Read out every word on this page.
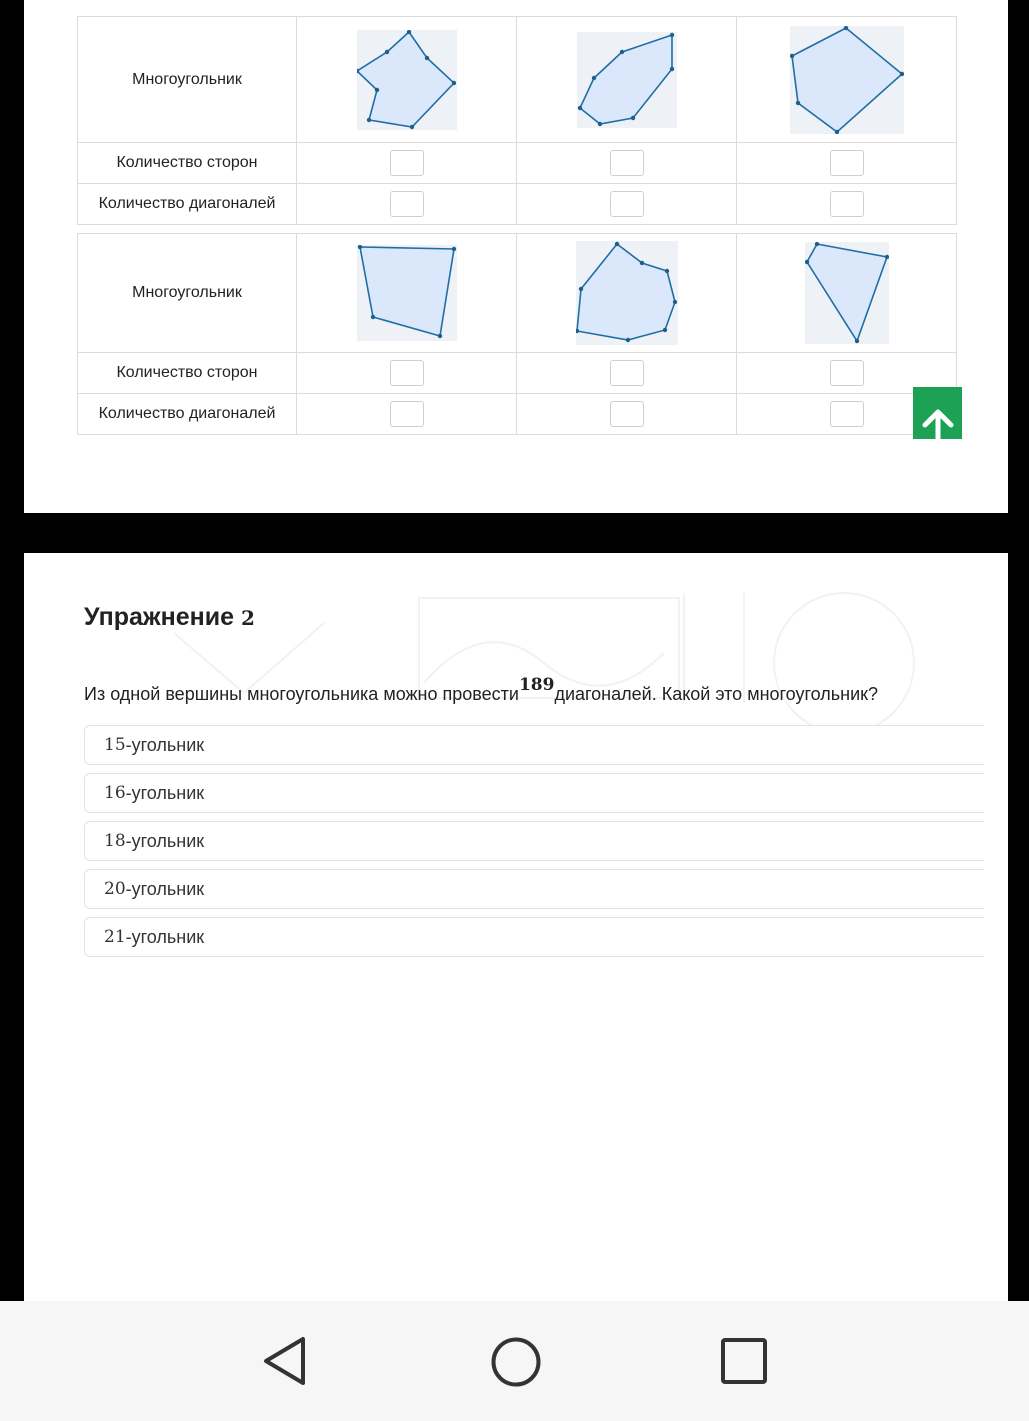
Многоугольник	

Количество сторон			
Количество диагоналей			
Многоугольник	

Количество сторон			
Количество диагоналей			
Упражнение 2
Из одной вершины многоугольника можно провести$^{189}$диагоналей. Какой это многоугольник?
15 -угольник
16 -угольник
18 -угольник
20 -угольник
21 -угольник
